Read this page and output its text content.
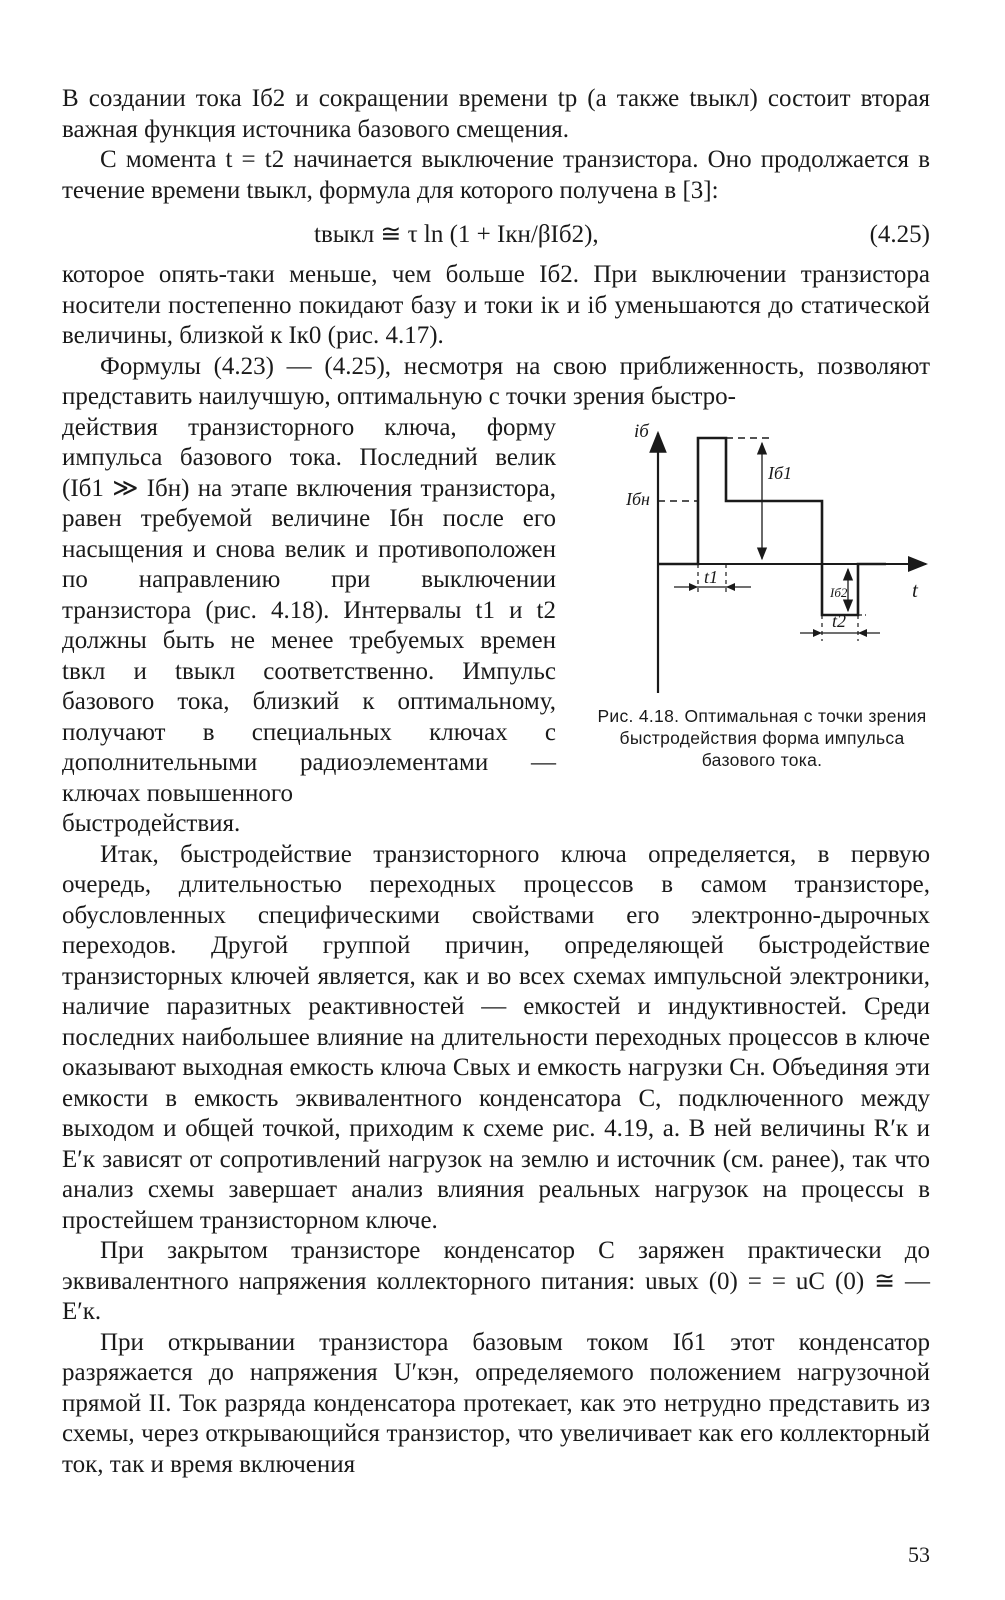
В создании тока Iб2 и сокращении времени tр (а также tвыкл) состоит вторая важная функция источника базового смещения.

С момента t = t2 начинается выключение транзистора. Оно продолжается в течение времени tвыкл, формула для которого получена в [3]:

tвыкл ≅ τ ln (1 + Iкн/βIб2),	(4.25)

которое опять-таки меньше, чем больше Iб2. При выключении транзистора носители постепенно покидают базу и токи iк и iб уменьшаются до статической величины, близкой к Iк0 (рис. 4.17).

Формулы (4.23) — (4.25), несмотря на свою приближенность, позволяют представить наилучшую, оптимальную с точки зрения быстро-

действия транзисторного ключа, форму импульса базового тока. Последний велик (Iб1 ≫ Iбн) на этапе включения транзистора, равен требуемой величине Iбн после его насыщения и снова велик и противоположен по направлению при выключении транзистора (рис. 4.18). Интервалы t1 и t2 должны быть не менее требуемых времен tвкл и tвыкл соответственно. Импульс базового тока, близкий к оптимальному, получают в специальных ключах с дополнительными радиоэлементами — ключах повышенного

iб
t
Iб1
Iбн
Iб2
t1
t2
Рис. 4.18. Оптимальная с точки зрения быстродействия форма импульса базового тока.

быстродействия.

Итак, быстродействие транзисторного ключа определяется, в первую очередь, длительностью переходных процессов в самом транзисторе, обусловленных специфическими свойствами его электронно-дырочных переходов. Другой группой причин, определяющей быстродействие транзисторных ключей является, как и во всех схемах импульсной электроники, наличие паразитных реактивностей — емкостей и индуктивностей. Среди последних наибольшее влияние на длительности переходных процессов в ключе оказывают выходная емкость ключа Cвых и емкость нагрузки Cн. Объединяя эти емкости в емкость эквивалентного конденсатора C, подключенного между выходом и общей точкой, приходим к схеме рис. 4.19, а. В ней величины R′к и E′к зависят от сопротивлений нагрузок на землю и источник (см. ранее), так что анализ схемы завершает анализ влияния реальных нагрузок на процессы в простейшем транзисторном ключе.

При закрытом транзисторе конденсатор C заряжен практически до эквивалентного напряжения коллекторного питания: uвых (0) = = uC (0) ≅ — E′к.

При открывании транзистора базовым током Iб1 этот конденсатор разряжается до напряжения U′кэн, определяемого положением нагрузочной прямой II. Ток разряда конденсатора протекает, как это нетрудно представить из схемы, через открывающийся транзистор, что увеличивает как его коллекторный ток, так и время включения

53
